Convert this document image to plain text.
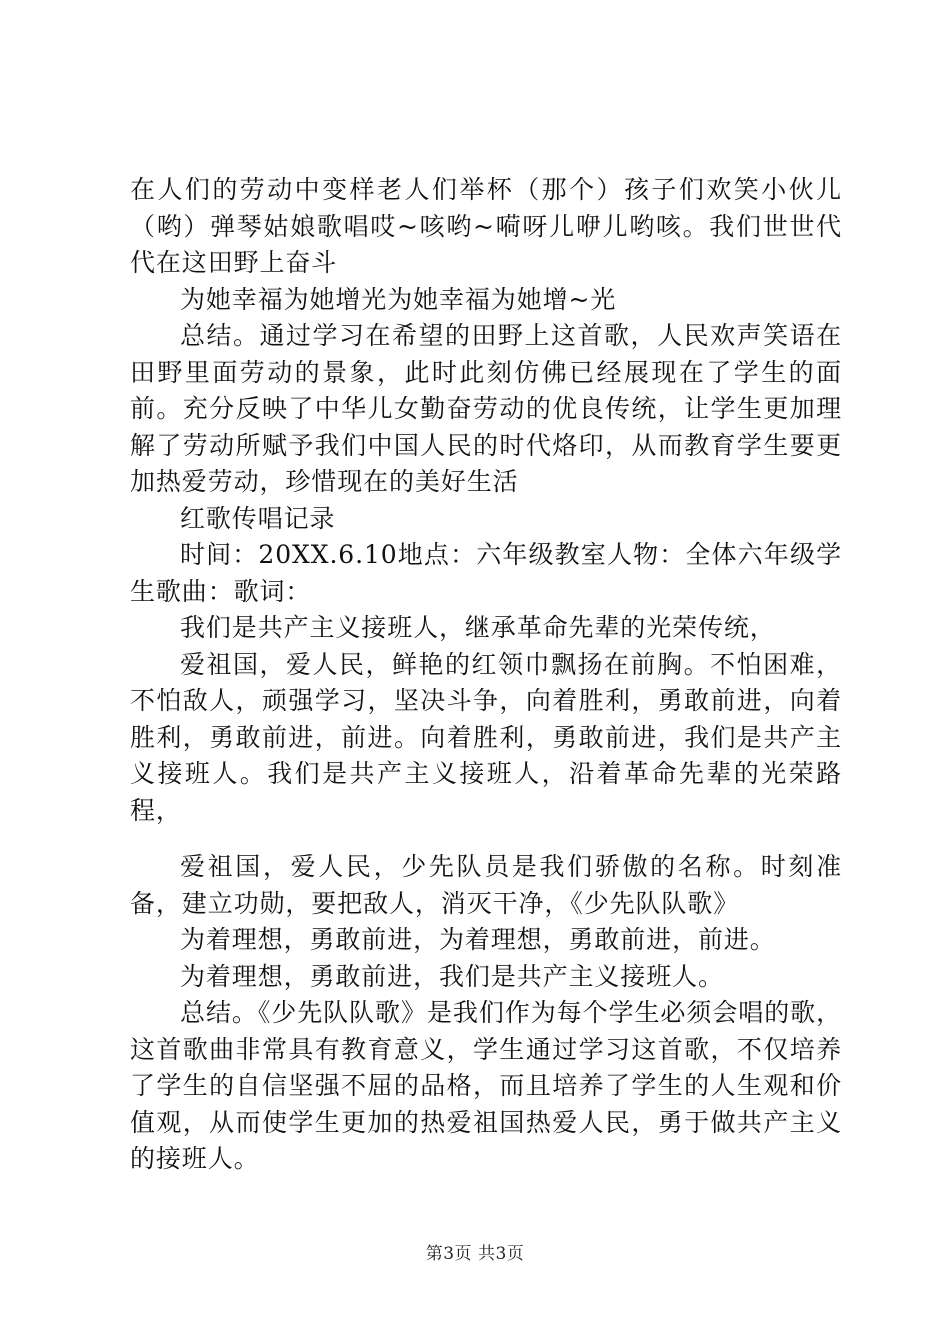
在人们的劳动中变样老人们举杯（那个）孩子们欢笑小伙儿（哟）弹琴姑娘歌唱哎~咳哟~嗬呀儿咿儿哟咳。我们世世代代在这田野上奋斗

为她幸福为她增光为她幸福为她增~光

总结。通过学习在希望的田野上这首歌，人民欢声笑语在田野里面劳动的景象，此时此刻仿佛已经展现在了学生的面前。充分反映了中华儿女勤奋劳动的优良传统，让学生更加理解了劳动所赋予我们中国人民的时代烙印，从而教育学生要更加热爱劳动，珍惜现在的美好生活

红歌传唱记录

时间：20XX.6.10地点：六年级教室人物：全体六年级学生歌曲：歌词：

我们是共产主义接班人，继承革命先辈的光荣传统，

爱祖国，爱人民，鲜艳的红领巾飘扬在前胸。不怕困难，不怕敌人，顽强学习，坚决斗争，向着胜利，勇敢前进，向着胜利，勇敢前进，前进。向着胜利，勇敢前进，我们是共产主义接班人。我们是共产主义接班人，沿着革命先辈的光荣路程，

爱祖国，爱人民，少先队员是我们骄傲的名称。时刻准备，建立功勋，要把敌人，消灭干净，《少先队队歌》

为着理想，勇敢前进，为着理想，勇敢前进，前进。

为着理想，勇敢前进，我们是共产主义接班人。

总结。《少先队队歌》是我们作为每个学生必须会唱的歌，这首歌曲非常具有教育意义，学生通过学习这首歌，不仅培养了学生的自信坚强不屈的品格，而且培养了学生的人生观和价值观，从而使学生更加的热爱祖国热爱人民，勇于做共产主义的接班人。

第3页 共3页
